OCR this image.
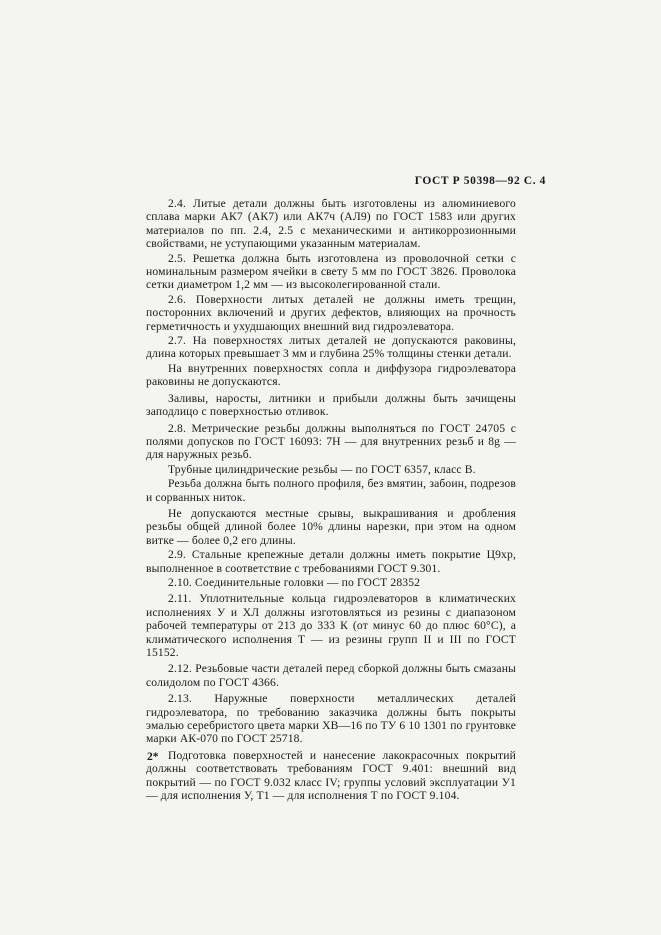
ГОСТ Р 50398—92 С. 4

2.4. Литые детали должны быть изготовлены из алюминиевого сплава марки АК7 (АК7) или АК7ч (АЛ9) по ГОСТ 1583 или других материалов по пп. 2.4, 2.5 с механическими и антикоррозионными свойствами, не уступающими указанным материалам.

2.5. Решетка должна быть изготовлена из проволочной сетки с номинальным размером ячейки в свету 5 мм по ГОСТ 3826. Проволока сетки диаметром 1,2 мм — из высоколегированной стали.

2.6. Поверхности литых деталей не должны иметь трещин, посторонних включений и других дефектов, влияющих на прочность герметичность и ухудшающих внешний вид гидроэлеватора.

2.7. На поверхностях литых деталей не допускаются раковины, длина которых превышает 3 мм и глубина 25% толщины стенки детали.

На внутренних поверхностях сопла и диффузора гидроэлеватора раковины не допускаются.

Заливы, наросты, литники и прибыли должны быть зачищены заподлицо с поверхностью отливок.

2.8. Метрические резьбы должны выполняться по ГОСТ 24705 с полями допусков по ГОСТ 16093: 7Н — для внутренних резьб и 8g — для наружных резьб.

Трубные цилиндрические резьбы — по ГОСТ 6357, класс В.

Резьба должна быть полного профиля, без вмятин, забоин, подрезов и сорванных ниток.

Не допускаются местные срывы, выкрашивания и дробления резьбы общей длиной более 10% длины нарезки, при этом на одном витке — более 0,2 его длины.

2.9. Стальные крепежные детали должны иметь покрытие Ц9хр, выполненное в соответствие с требованиями ГОСТ 9.301.

2.10. Соединительные головки — по ГОСТ 28352

2.11. Уплотнительные кольца гидроэлеваторов в климатических исполнениях У и ХЛ должны изготовляться из резины с диапазоном рабочей температуры от 213 до 333 К (от минус 60 до плюс 60°С), а климатического исполнения Т — из резины групп II и III по ГОСТ 15152.

2.12. Резьбовые части деталей перед сборкой должны быть смазаны солидолом по ГОСТ 4366.

2.13. Наружные поверхности металлических деталей гидроэлеватора, по требованию заказчика должны быть покрыты эмалью серебристого цвета марки ХВ—16 по ТУ 6 10 1301 по грунтовке марки АК-070 по ГОСТ 25718.

Подготовка поверхностей и нанесение лакокрасочных покрытий должны соответствовать требованиям ГОСТ 9.401: внешний вид покрытий — по ГОСТ 9.032 класс IV; группы условий эксплуатации У1 — для исполнения У, Т1 — для исполнения Т по ГОСТ 9.104.

2*
